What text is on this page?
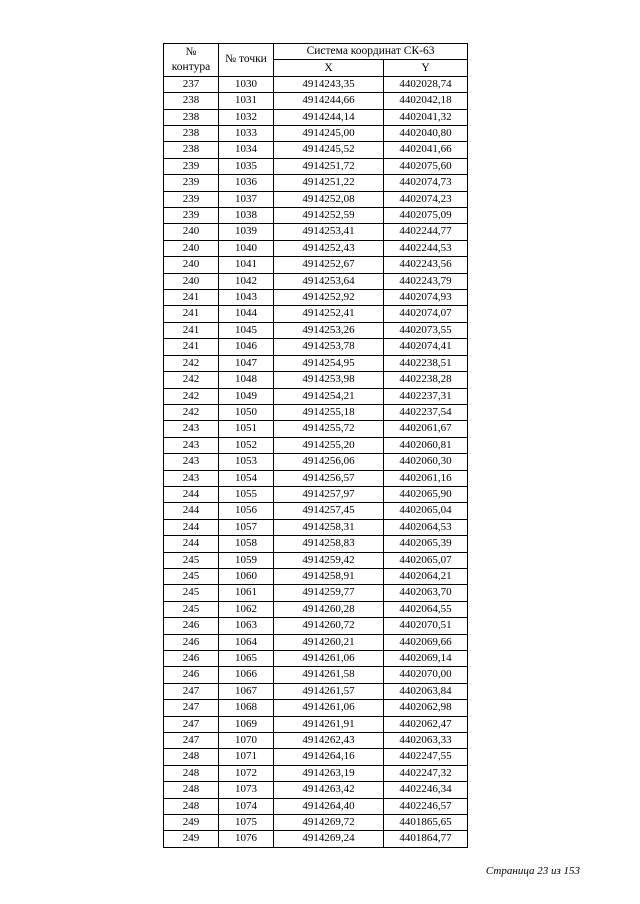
№
контура	№ точки	Система координат СК-63	
		X	Y
237	1030	4914243,35	4402028,74
238	1031	4914244,66	4402042,18
238	1032	4914244,14	4402041,32
238	1033	4914245,00	4402040,80
238	1034	4914245,52	4402041,66
239	1035	4914251,72	4402075,60
239	1036	4914251,22	4402074,73
239	1037	4914252,08	4402074,23
239	1038	4914252,59	4402075,09
240	1039	4914253,41	4402244,77
240	1040	4914252,43	4402244,53
240	1041	4914252,67	4402243,56
240	1042	4914253,64	4402243,79
241	1043	4914252,92	4402074,93
241	1044	4914252,41	4402074,07
241	1045	4914253,26	4402073,55
241	1046	4914253,78	4402074,41
242	1047	4914254,95	4402238,51
242	1048	4914253,98	4402238,28
242	1049	4914254,21	4402237,31
242	1050	4914255,18	4402237,54
243	1051	4914255,72	4402061,67
243	1052	4914255,20	4402060,81
243	1053	4914256,06	4402060,30
243	1054	4914256,57	4402061,16
244	1055	4914257,97	4402065,90
244	1056	4914257,45	4402065,04
244	1057	4914258,31	4402064,53
244	1058	4914258,83	4402065,39
245	1059	4914259,42	4402065,07
245	1060	4914258,91	4402064,21
245	1061	4914259,77	4402063,70
245	1062	4914260,28	4402064,55
246	1063	4914260,72	4402070,51
246	1064	4914260,21	4402069,66
246	1065	4914261,06	4402069,14
246	1066	4914261,58	4402070,00
247	1067	4914261,57	4402063,84
247	1068	4914261,06	4402062,98
247	1069	4914261,91	4402062,47
247	1070	4914262,43	4402063,33
248	1071	4914264,16	4402247,55
248	1072	4914263,19	4402247,32
248	1073	4914263,42	4402246,34
248	1074	4914264,40	4402246,57
249	1075	4914269,72	4401865,65
249	1076	4914269,24	4401864,77
Страница 23 из 153
